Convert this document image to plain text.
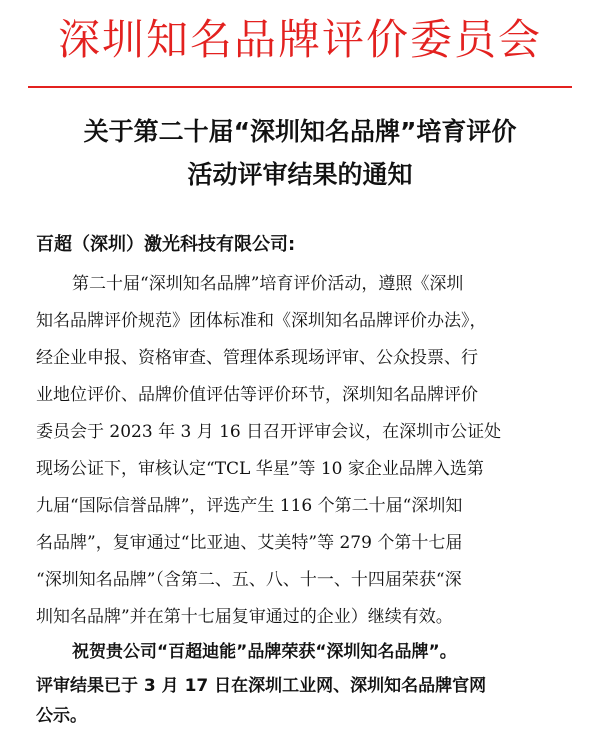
深圳知名品牌评价委员会
关于第二十届“深圳知名品牌”培育评价
活动评审结果的通知
百超（深圳）激光科技有限公司:
第二十届“深圳知名品牌”培育评价活动，遵照《深圳
知名品牌评价规范》团体标准和《深圳知名品牌评价办法》，
经企业申报、资格审查、管理体系现场评审、公众投票、行
业地位评价、品牌价值评估等评价环节，深圳知名品牌评价
委员会于 2023 年 3 月 16 日召开评审会议，在深圳市公证处
现场公证下，审核认定“TCL 华星”等 10 家企业品牌入选第
九届“国际信誉品牌”，评选产生 116 个第二十届“深圳知
名品牌”，复审通过“比亚迪、艾美特”等 279 个第十七届
“深圳知名品牌”（含第二、五、八、十一、十四届荣获“深
圳知名品牌”并在第十七届复审通过的企业）继续有效。
祝贺贵公司“百超迪能”品牌荣获“深圳知名品牌”。
评审结果已于 3 月 17 日在深圳工业网、深圳知名品牌官网
公示。
